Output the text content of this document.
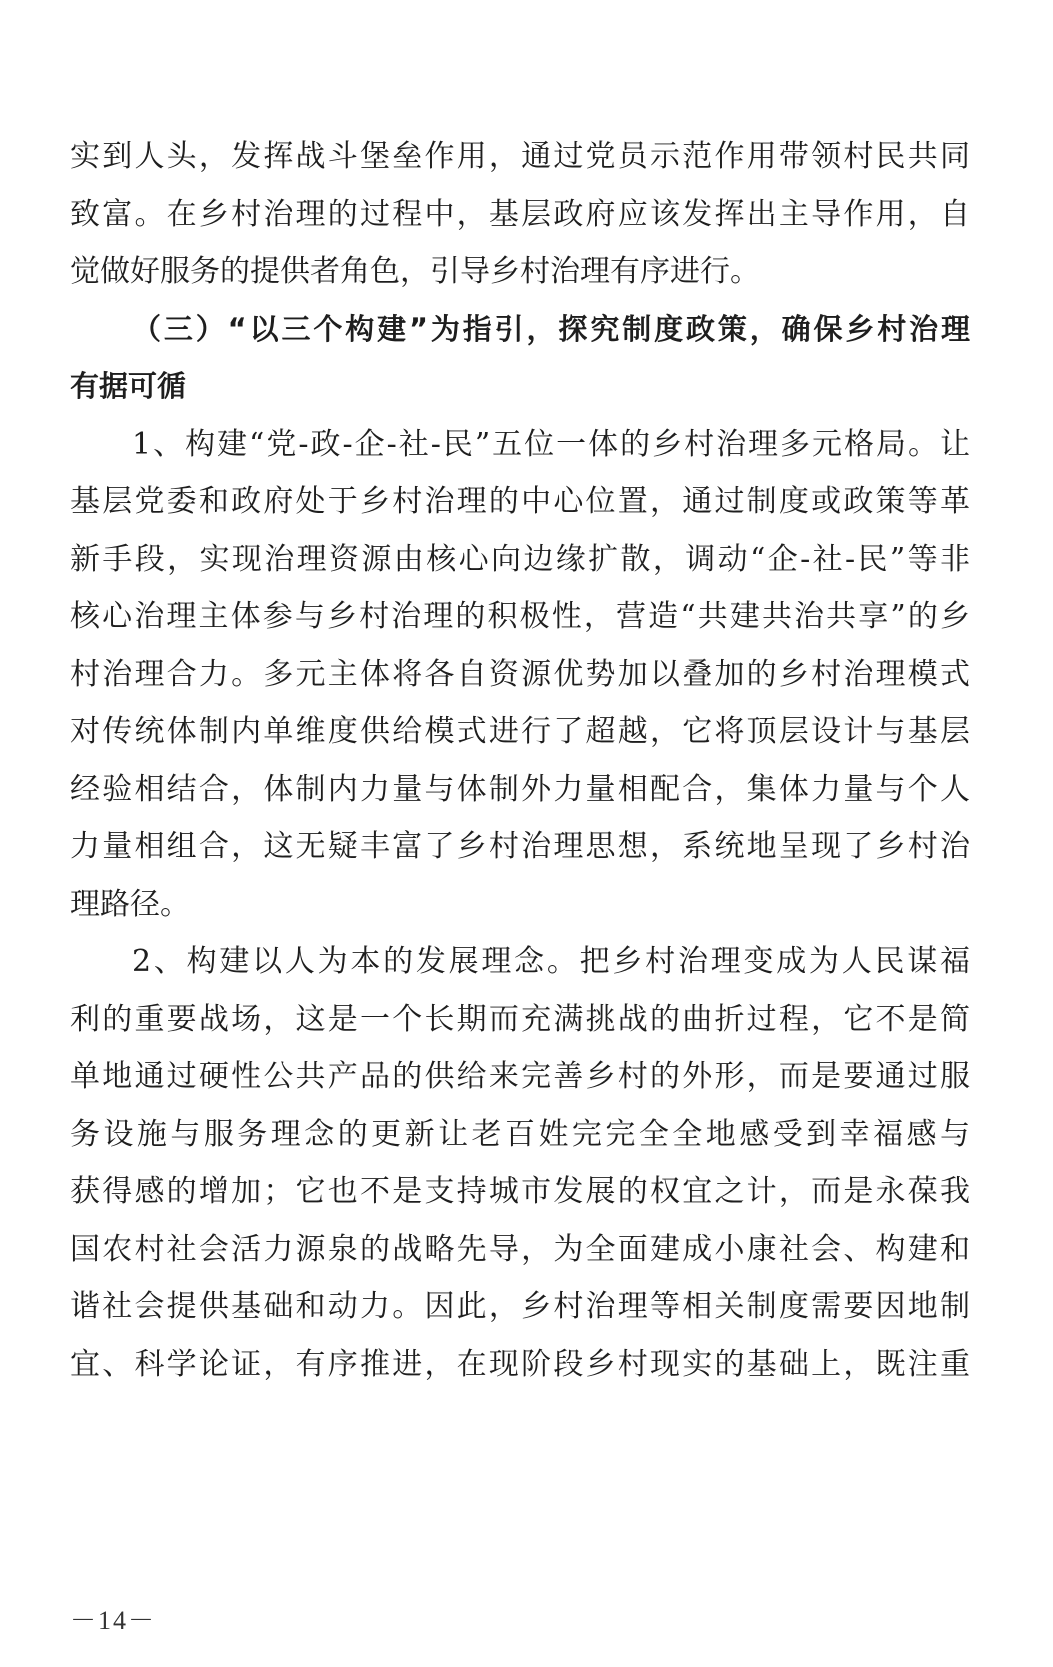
实到人头，发挥战斗堡垒作用，通过党员示范作用带领村民共同
致富。在乡村治理的过程中，基层政府应该发挥出主导作用，自
觉做好服务的提供者角色，引导乡村治理有序进行。
（三）“以三个构建”为指引，探究制度政策，确保乡村治理
有据可循
1、构建“党-政-企-社-民”五位一体的乡村治理多元格局。让
基层党委和政府处于乡村治理的中心位置，通过制度或政策等革
新手段，实现治理资源由核心向边缘扩散，调动“企-社-民”等非
核心治理主体参与乡村治理的积极性，营造“共建共治共享”的乡
村治理合力。多元主体将各自资源优势加以叠加的乡村治理模式
对传统体制内单维度供给模式进行了超越，它将顶层设计与基层
经验相结合，体制内力量与体制外力量相配合，集体力量与个人
力量相组合，这无疑丰富了乡村治理思想，系统地呈现了乡村治
理路径。
2、构建以人为本的发展理念。把乡村治理变成为人民谋福
利的重要战场，这是一个长期而充满挑战的曲折过程，它不是简
单地通过硬性公共产品的供给来完善乡村的外形，而是要通过服
务设施与服务理念的更新让老百姓完完全全地感受到幸福感与
获得感的增加；它也不是支持城市发展的权宜之计，而是永葆我
国农村社会活力源泉的战略先导，为全面建成小康社会、构建和
谐社会提供基础和动力。因此，乡村治理等相关制度需要因地制
宜、科学论证，有序推进，在现阶段乡村现实的基础上，既注重
－14－
